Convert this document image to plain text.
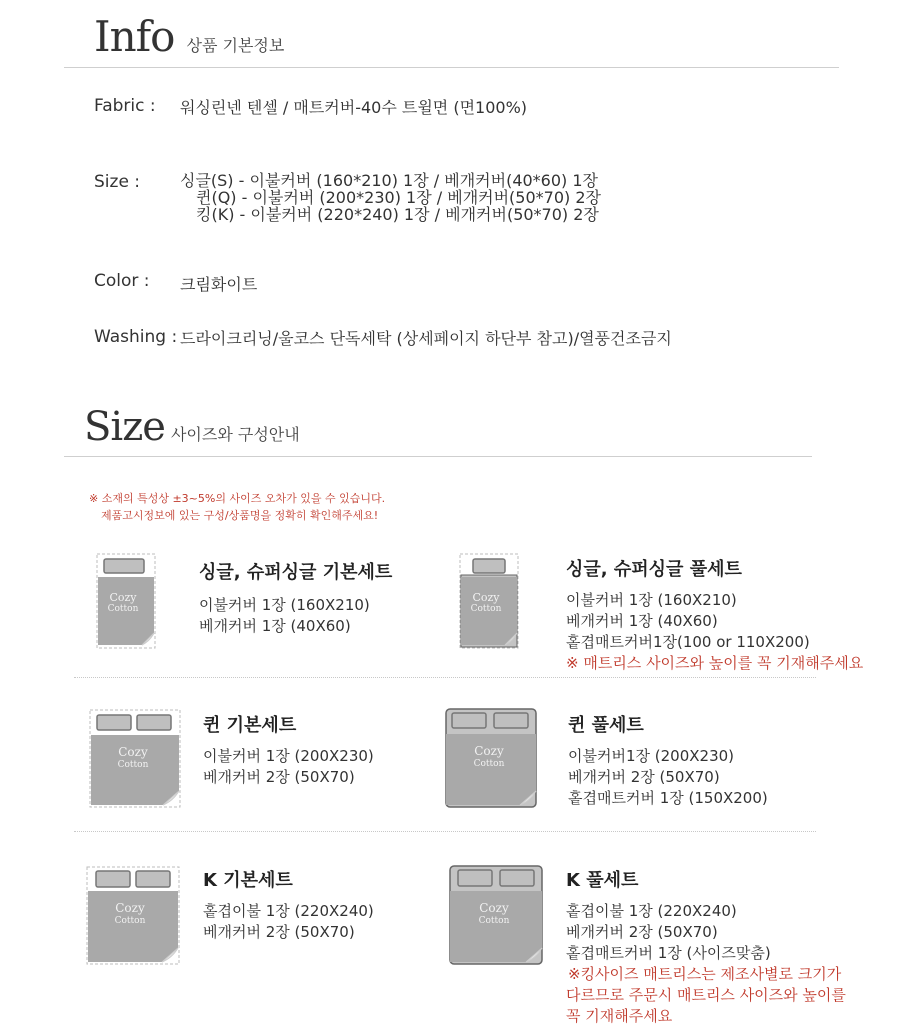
Info 상품 기본정보
Fabric : 워싱린넨 텐셀 / 매트커버-40수 트윌면 (면100%)
Size : 싱글(S) - 이불커버 (160*210) 1장 / 베개커버(40*60) 1장
퀸(Q) - 이불커버 (200*230) 1장 / 베개커버(50*70) 2장
킹(K) - 이불커버 (220*240) 1장 / 베개커버(50*70) 2장
Color : 크림화이트
Washing : 드라이크리닝/울코스 단독세탁 (상세페이지 하단부 참고)/열풍건조금지
Size 사이즈와 구성안내
※ 소재의 특성상 ±3~5%의 사이즈 오차가 있을 수 있습니다.
제품고시정보에 있는 구성/상품명을 정확히 확인해주세요!
Cozy
Cotton
Cozy
Cotton
Cozy
Cotton
Cozy
Cotton
Cozy
Cotton
Cozy
Cotton
싱글, 슈퍼싱글 기본세트
이불커버 1장 (160X210)
베개커버 1장 (40X60)
싱글, 슈퍼싱글 풀세트
이불커버 1장 (160X210)
베개커버 1장 (40X60)
홑겹매트커버1장(100 or 110X200)
※ 매트리스 사이즈와 높이를 꼭 기재해주세요
퀸 기본세트
이불커버 1장 (200X230)
베개커버 2장 (50X70)
퀸 풀세트
이불커버1장 (200X230)
베개커버 2장 (50X70)
홑겹매트커버 1장 (150X200)
K 기본세트
홑겹이불 1장 (220X240)
베개커버 2장 (50X70)
K 풀세트
홑겹이불 1장 (220X240)
베개커버 2장 (50X70)
홑겹매트커버 1장 (사이즈맞춤)
※킹사이즈 매트리스는 제조사별로 크기가
다르므로 주문시 매트리스 사이즈와 높이를
꼭 기재해주세요
